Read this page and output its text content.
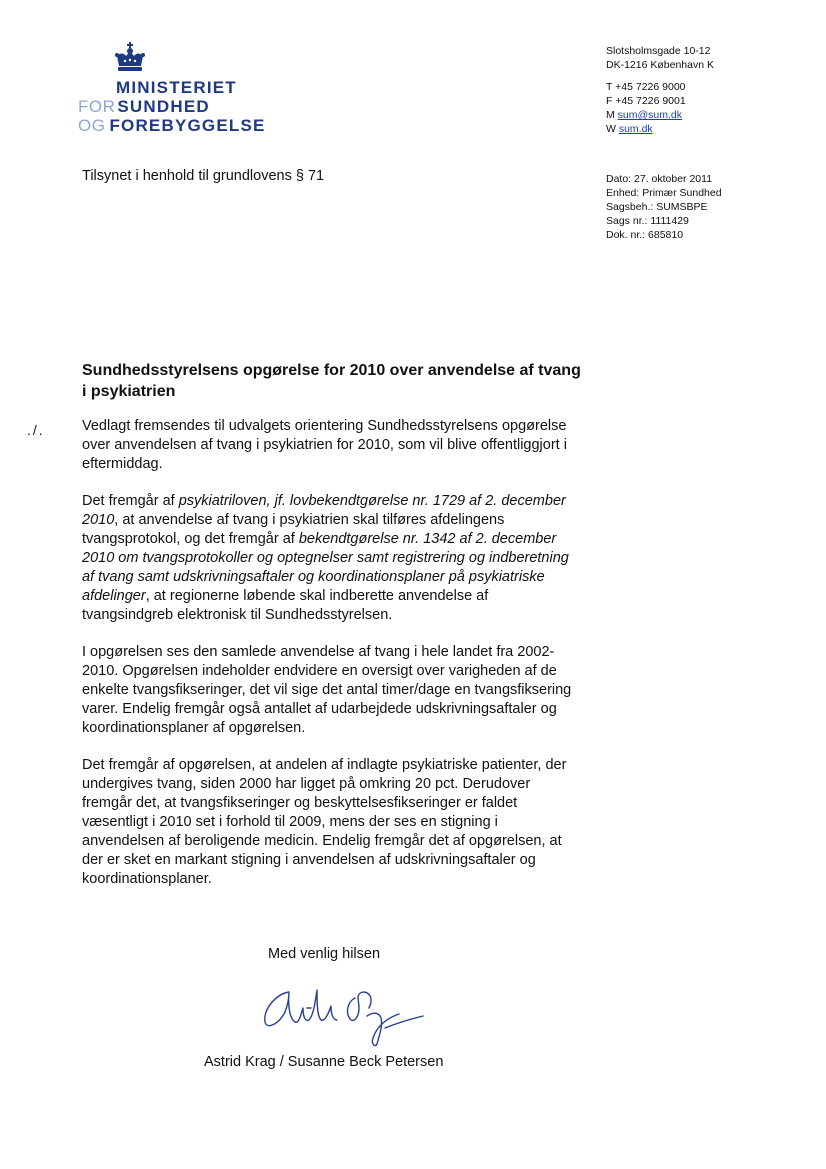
MINISTERIET
FOR SUNDHED
OG FOREBYGGELSE
Slotsholmsgade 10-12
DK-1216 København K
T +45 7226 9000
F +45 7226 9001
M sum@sum.dk
W sum.dk
Dato: 27. oktober 2011
Enhed: Primær Sundhed
Sagsbeh.: SUMSBPE
Sags nr.: 1111429
Dok. nr.: 685810
Tilsynet i henhold til grundlovens § 71
Sundhedsstyrelsens opgørelse for 2010 over anvendelse af tvang i psykiatrien
./.	Vedlagt fremsendes til udvalgets orientering Sundhedsstyrelsens opgørelse over anvendelsen af tvang i psykiatrien for 2010, som vil blive offentliggjort i eftermiddag.

Det fremgår af psykiatriloven, jf. lovbekendtgørelse nr. 1729 af 2. december 2010, at anvendelse af tvang i psykiatrien skal tilføres afdelingens tvangsprotokol, og det fremgår af bekendtgørelse nr. 1342 af 2. december 2010 om tvangsprotokoller og optegnelser samt registrering og indberetning af tvang samt udskrivningsaftaler og koordinationsplaner på psykiatriske afdelinger, at regionerne løbende skal indberette anvendelse af tvangsindgreb elektronisk til Sundhedsstyrelsen.

I opgørelsen ses den samlede anvendelse af tvang i hele landet fra 2002-2010. Opgørelsen indeholder endvidere en oversigt over varigheden af de enkelte tvangsfikseringer, det vil sige det antal timer/dage en tvangsfiksering varer. Endelig fremgår også antallet af udarbejdede udskrivningsaftaler og koordinationsplaner af opgørelsen.

Det fremgår af opgørelsen, at andelen af indlagte psykiatriske patienter, der undergives tvang, siden 2000 har ligget på omkring 20 pct. Derudover fremgår det, at tvangsfikseringer og beskyttelsesfikseringer er faldet væsentligt i 2010 set i forhold til 2009, mens der ses en stigning i anvendelsen af beroligende medicin. Endelig fremgår det af opgørelsen, at der er sket en markant stigning i anvendelsen af udskrivningsaftaler og koordinationsplaner.

Med venlig hilsen
Astrid Krag / Susanne Beck Petersen
